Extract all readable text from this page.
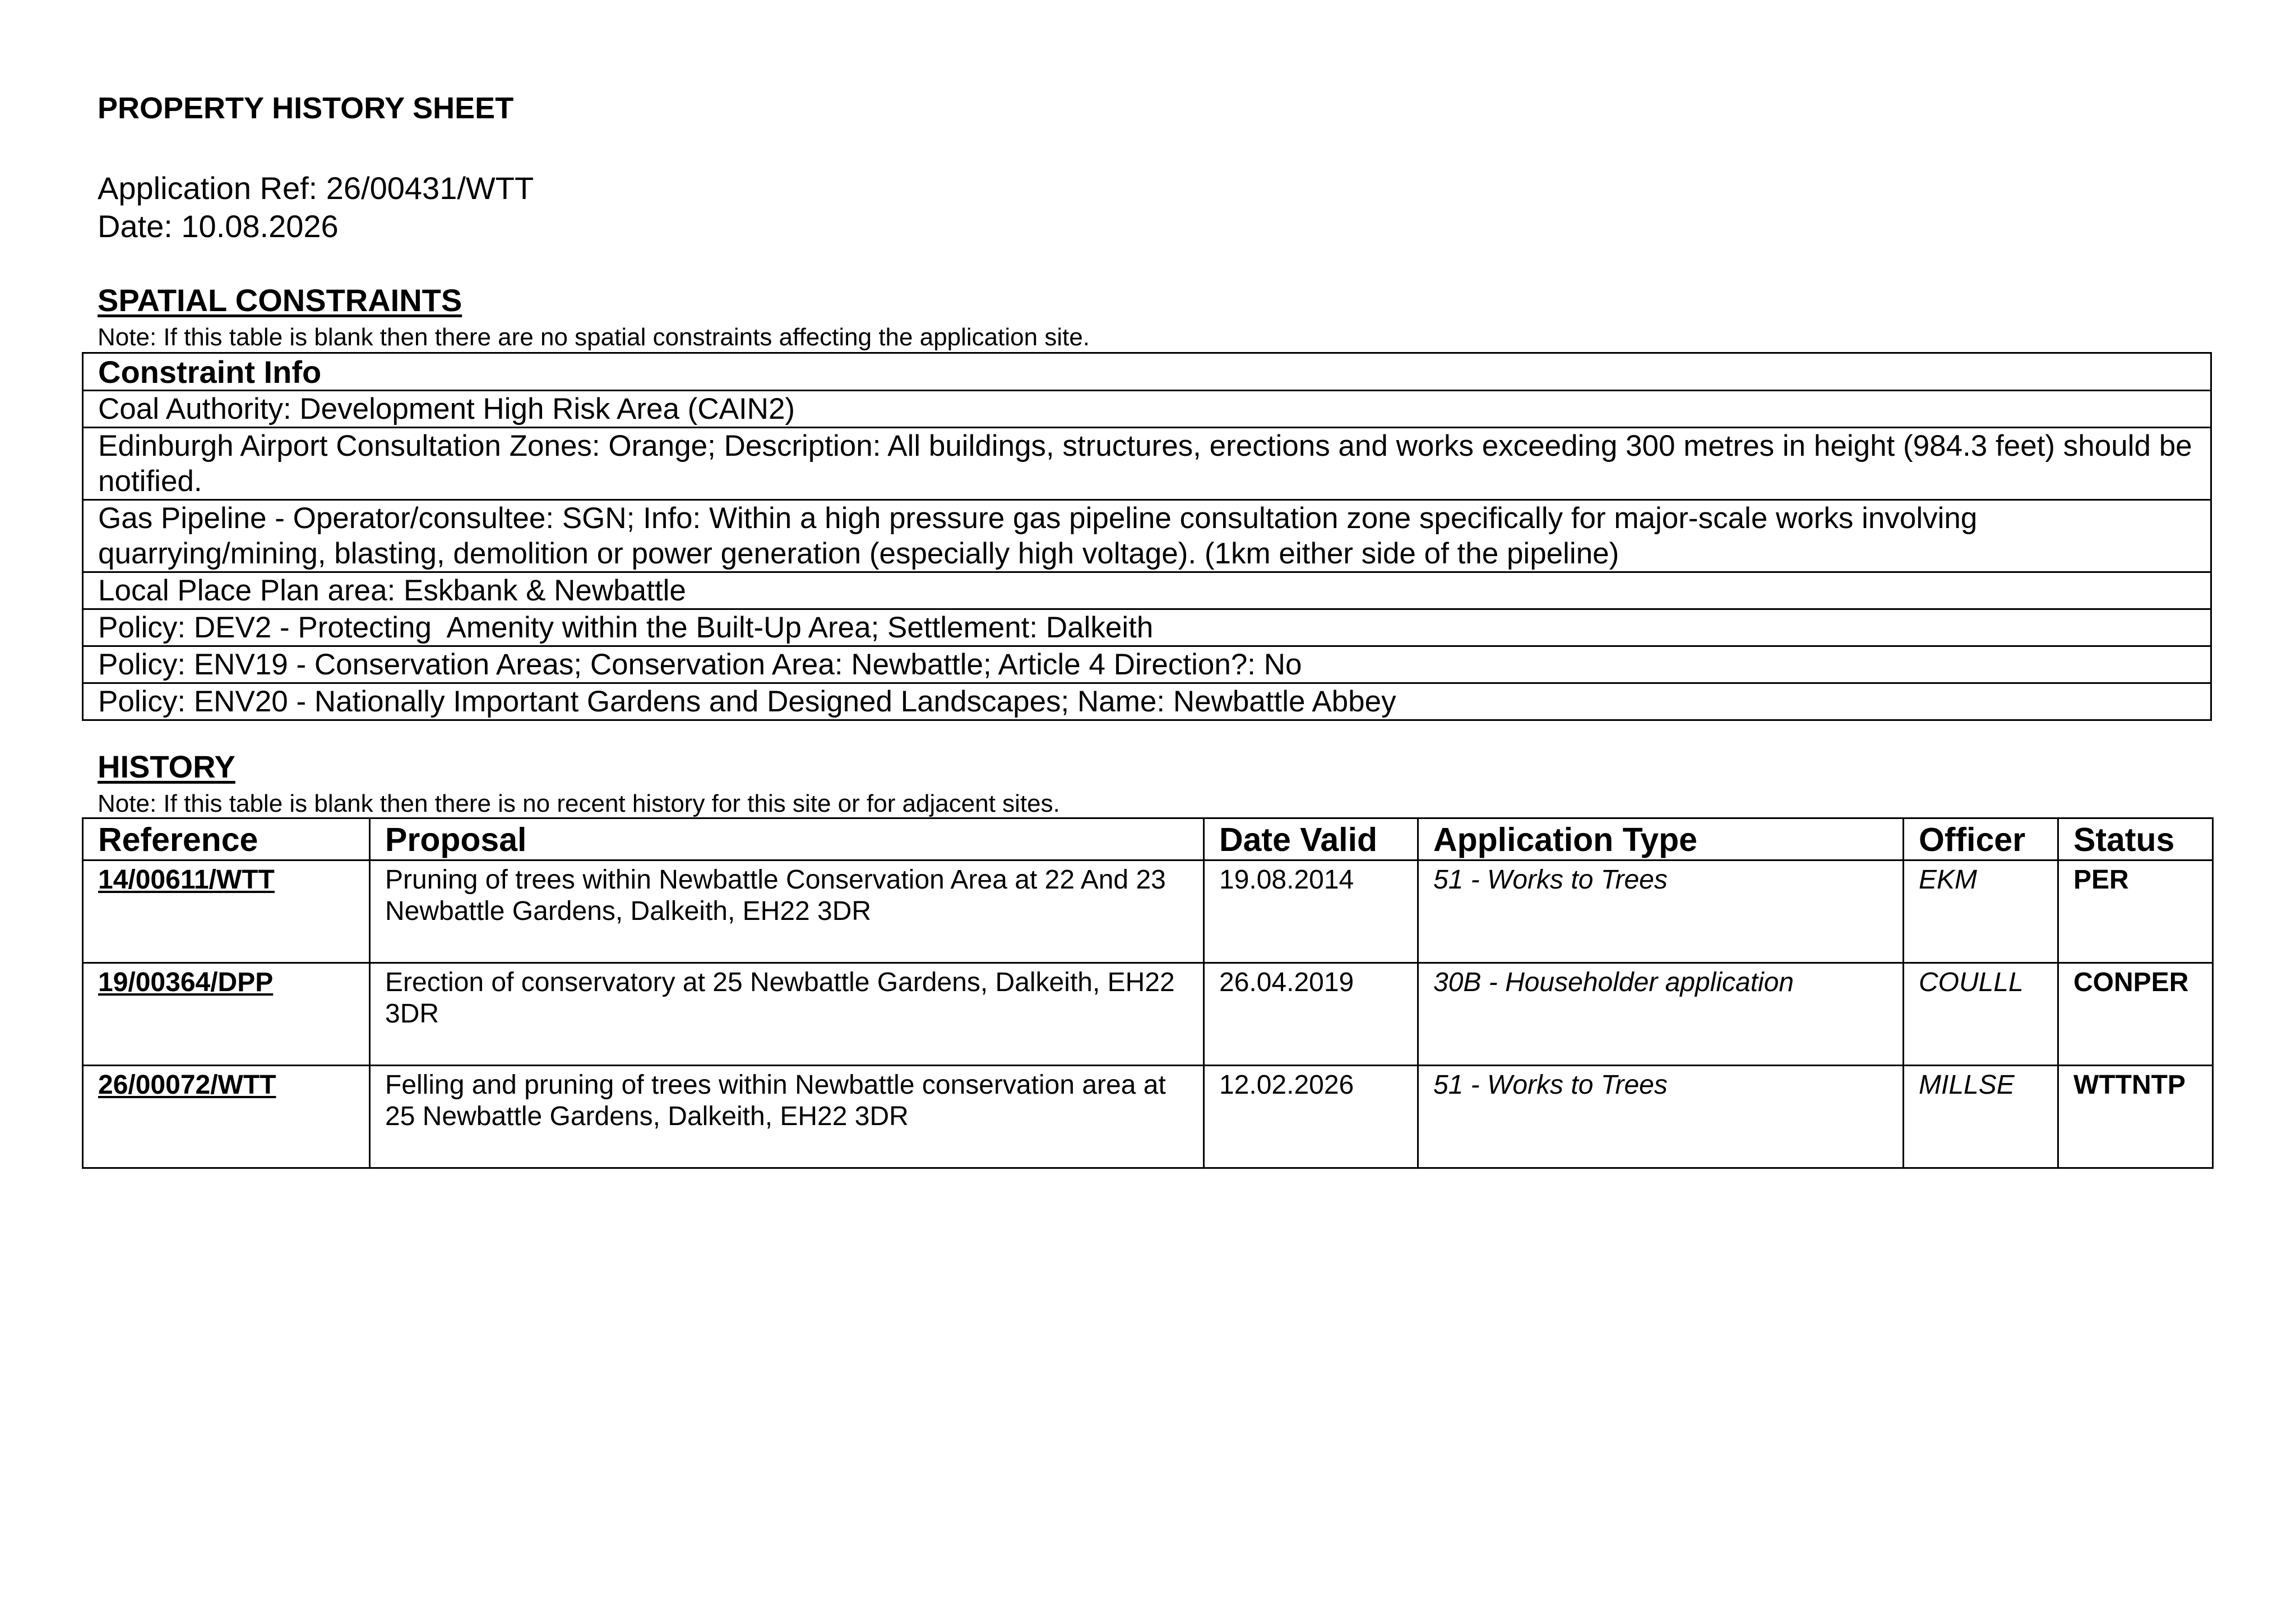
PROPERTY HISTORY SHEET
Application Ref: 26/00431/WTT
Date: 10.08.2026
SPATIAL CONSTRAINTS
Note: If this table is blank then there are no spatial constraints affecting the application site.
Constraint Info
Coal Authority: Development High Risk Area (CAIN2)
Edinburgh Airport Consultation Zones: Orange; Description: All buildings, structures, erections and works exceeding 300 metres in height (984.3 feet) should be notified.
Gas Pipeline - Operator/consultee: SGN; Info: Within a high pressure gas pipeline consultation zone specifically for major-scale works involving quarrying/mining, blasting, demolition or power generation (especially high voltage). (1km either side of the pipeline)
Local Place Plan area: Eskbank & Newbattle
Policy: DEV2 - Protecting  Amenity within the Built-Up Area; Settlement: Dalkeith
Policy: ENV19 - Conservation Areas; Conservation Area: Newbattle; Article 4 Direction?: No
Policy: ENV20 - Nationally Important Gardens and Designed Landscapes; Name: Newbattle Abbey
HISTORY
Note: If this table is blank then there is no recent history for this site or for adjacent sites.
Reference	Proposal	Date Valid	Application Type	Officer	Status
14/00611/WTT	Pruning of trees within Newbattle Conservation Area at 22 And 23 Newbattle Gardens, Dalkeith, EH22 3DR	19.08.2014	51 - Works to Trees	EKM	PER
19/00364/DPP	Erection of conservatory at 25 Newbattle Gardens, Dalkeith, EH22 3DR	26.04.2019	30B - Householder application	COULLL	CONPER
26/00072/WTT	Felling and pruning of trees within Newbattle conservation area at 25 Newbattle Gardens, Dalkeith, EH22 3DR	12.02.2026	51 - Works to Trees	MILLSE	WTTNTP
